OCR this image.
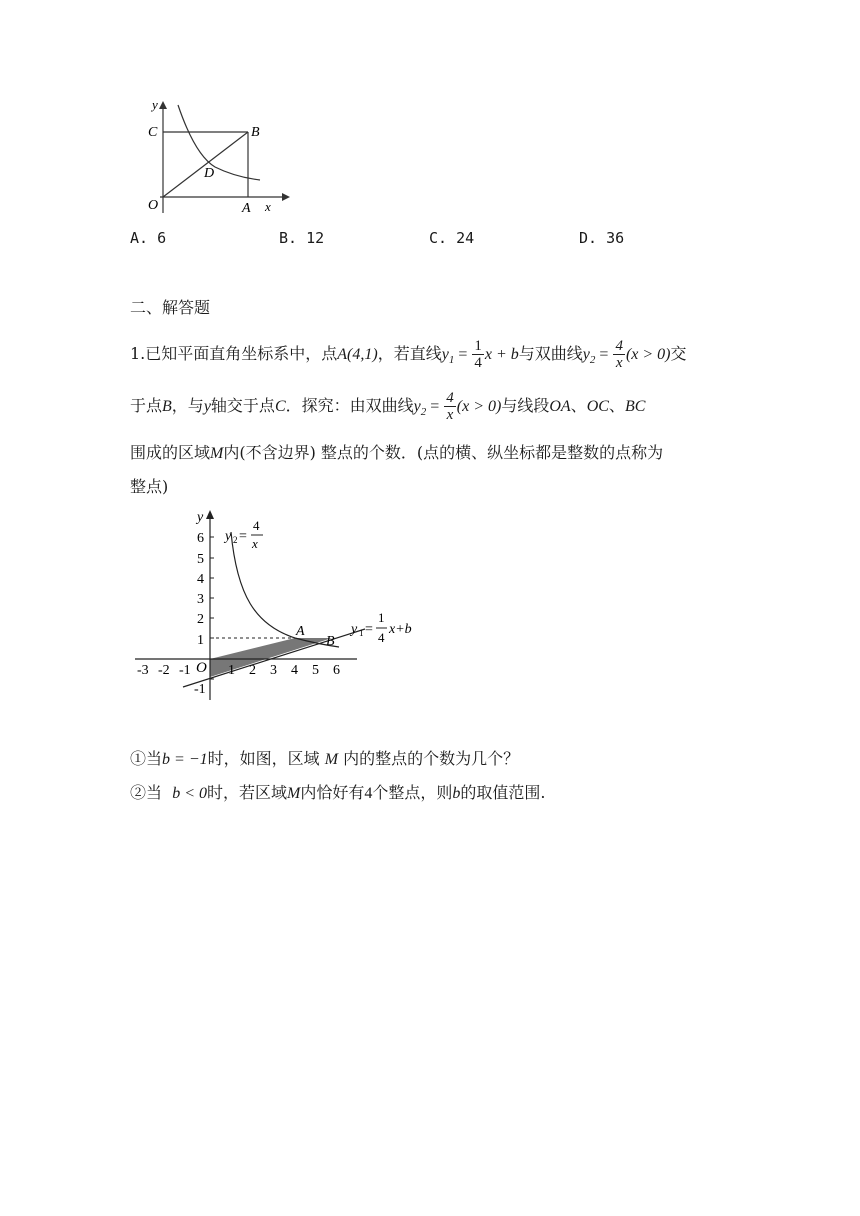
y
C	B
D
O	A x
A. 6	B. 12	C. 24	D. 36
二、解答题
1.已知平面直角坐标系中，点A(4,1)，若直线$y_1 = \frac{1}{4}$ x + b与双曲线$y_2 = \frac{4}{x} (x > 0)$交
于点B，与y轴交于点C．探究：由双曲线$y_2 = \frac{4}{x} (x > 0)$与线段OA、OC、BC
围成的区域M内(不含边界) 整点的个数．(点的横、纵坐标都是整数的点称为
整点)
6
5
4
3
2
1
-1
-3 -2 -1	1 2 3 4 5 6
O
y
A
B
y 2 =
4
x
y 1 =
1
4
x+b
①当b = −1时，如图，区域 M 内的整点的个数为几个？
②当 b < 0时，若区域M内恰好有4个整点，则b的取值范围.
